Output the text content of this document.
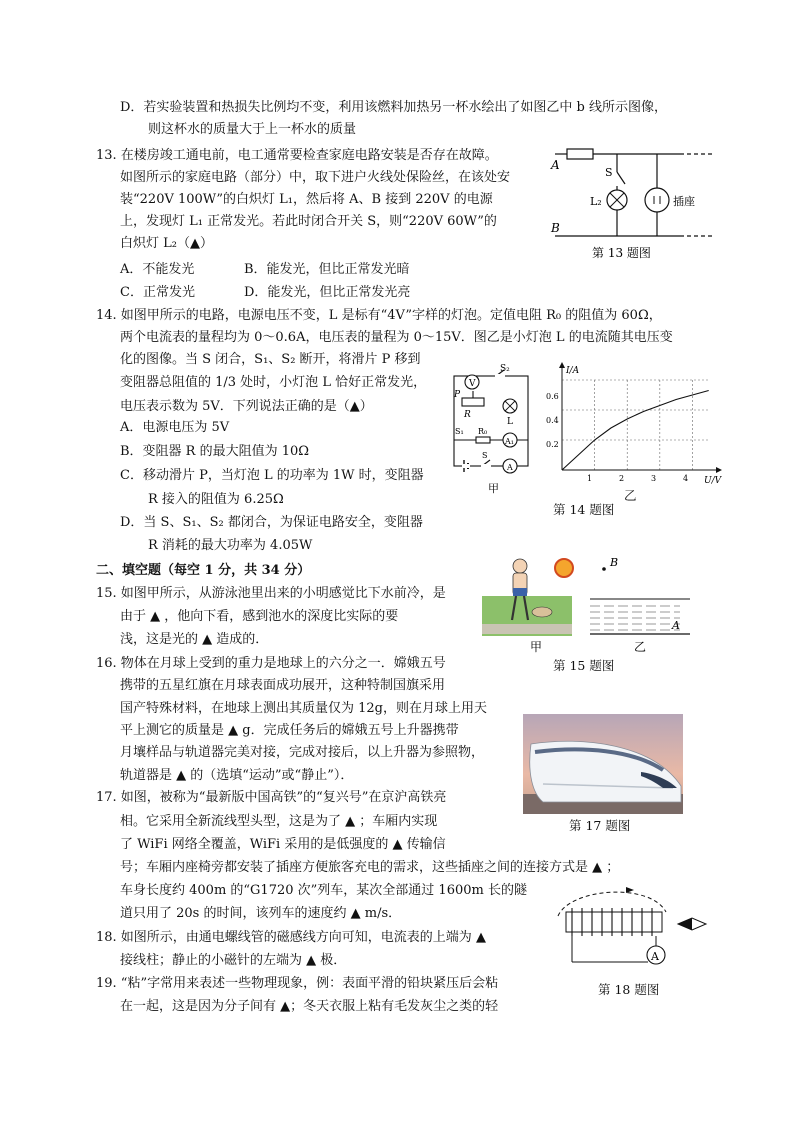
D．若实验装置和热损失比例均不变，利用该燃料加热另一杯水绘出了如图乙中 b 线所示图像，
则这杯水的质量大于上一杯水的质量
13. 在楼房竣工通电前，电工通常要检查家庭电路安装是否存在故障。
如图所示的家庭电路（部分）中，取下进户火线处保险丝，在该处安
装“220V 100W”的白炽灯 L₁，然后将 A、B 接到 220V 的电源
上，发现灯 L₁ 正常发光。若此时闭合开关 S，则“220V 60W”的
白炽灯 L₂（▲）
A．不能发光	B．能发光，但比正常发光暗
C．正常发光	D．能发光，但比正常发光亮
A
B
S
L₂	插座
第 13 题图
14. 如图甲所示的电路，电源电压不变，L 是标有“4V”字样的灯泡。定值电阻 R₀ 的阻值为 60Ω，
两个电流表的量程均为 0～0.6A，电压表的量程为 0～15V．图乙是小灯泡 L 的电流随其电压变
化的图像。当 S 闭合，S₁、S₂ 断开，将滑片 P 移到
变阻器总阻值的 1/3 处时，小灯泡 L 恰好正常发光，
电压表示数为 5V．下列说法正确的是（▲）
A．电源电压为 5V
B．变阻器 R 的最大阻值为 10Ω
C．移动滑片 P，当灯泡 L 的功率为 1W 时，变阻器
R 接入的阻值为 6.25Ω
D．当 S、S₁、S₂ 都闭合，为保证电路安全，变阻器
R 消耗的最大功率为 4.05W
V
S₂
P
R
L
R₀
S₁
A₁
S
A
甲
I/A
U/V
0.6
0.4
0.2
1	2	3	4
乙
第 14 题图
二、填空题（每空 1 分，共 34 分）
15. 如图甲所示，从游泳池里出来的小明感觉比下水前冷，是
由于 ▲ ，他向下看，感到池水的深度比实际的要
浅，这是光的 ▲ 造成的．
B
A
甲	乙
第 15 题图
16. 物体在月球上受到的重力是地球上的六分之一．嫦娥五号
携带的五星红旗在月球表面成功展开，这种特制国旗采用
国产特殊材料，在地球上测出其质量仅为 12g，则在月球上用天
平上测它的质量是 ▲ g．完成任务后的嫦娥五号上升器携带
月壤样品与轨道器完美对接，完成对接后，以上升器为参照物，
轨道器是 ▲ 的（选填“运动”或“静止”）．
第 17 题图
17. 如图，被称为“最新版中国高铁”的“复兴号”在京沪高铁亮
相。它采用全新流线型头型，这是为了 ▲ ；车厢内实现
了 WiFi 网络全覆盖，WiFi 采用的是低强度的 ▲ 传输信
号；车厢内座椅旁都安装了插座方便旅客充电的需求，这些插座之间的连接方式是 ▲ ；
车身长度约 400m 的“G1720 次”列车，某次全部通过 1600m 长的隧
道只用了 20s 的时间，该列车的速度约 ▲ m/s．
A
第 18 题图
18. 如图所示，由通电螺线管的磁感线方向可知，电流表的上端为 ▲
接线柱；静止的小磁针的左端为 ▲ 极．
19. “粘”字常用来表述一些物理现象，例：表面平滑的铅块紧压后会粘
在一起，这是因为分子间有 ▲；冬天衣服上粘有毛发灰尘之类的轻
